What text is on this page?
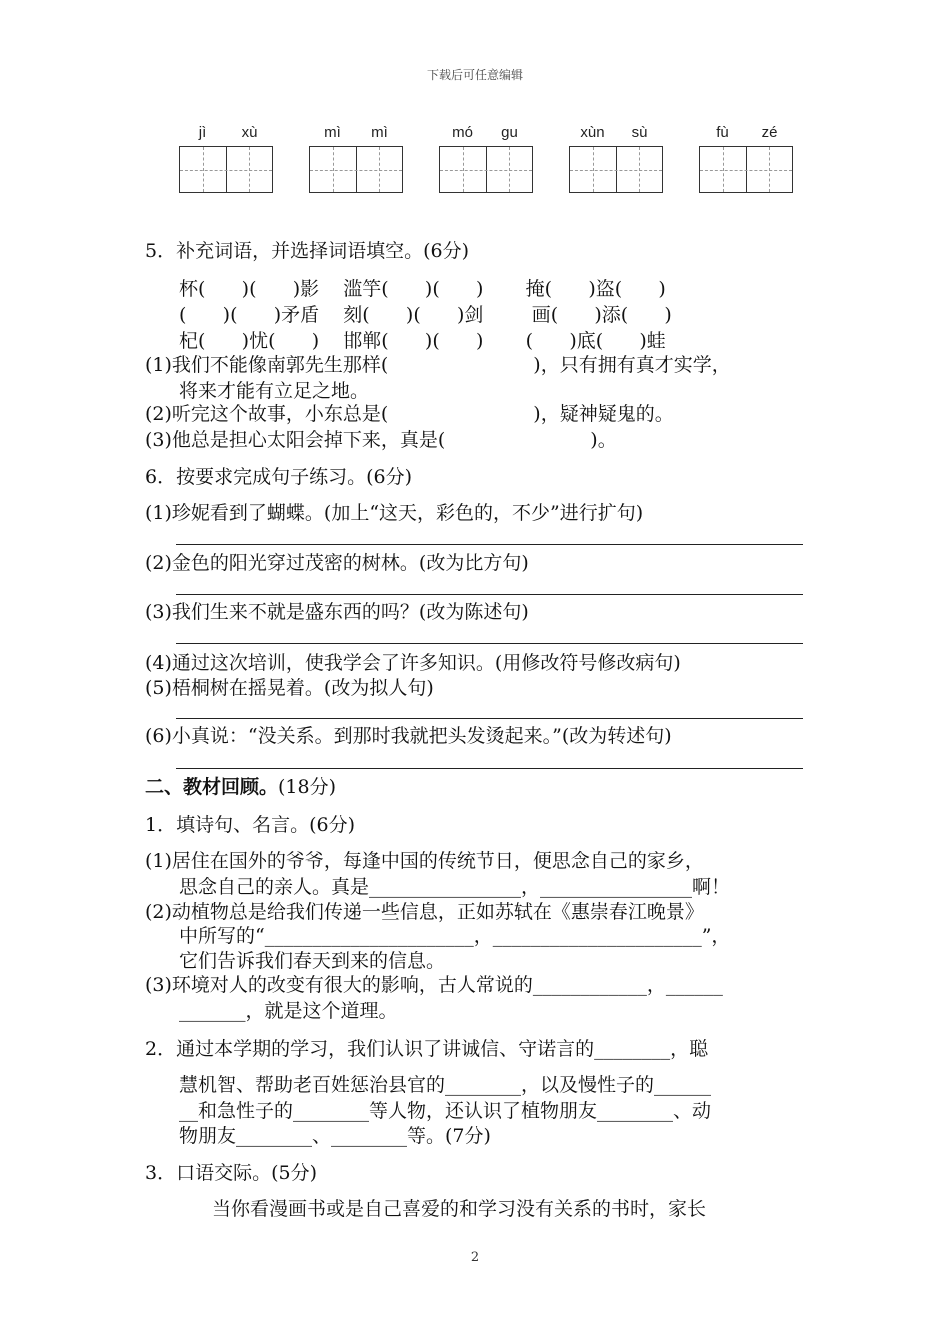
下载后可任意编辑
jì	xù	mì	mì	mó	gu	xùn	sù	fù	zé
5．补充词语，并选择词语填空。(6分)
杯(      )(      )影    滥竽(      )(      )       掩(      )盗(      )
(      )(      )矛盾    刻(      )(      )剑        画(      )添(      )
杞(      )忧(      )    邯郸(      )(      )       (      )底(      )蛙
(1)我们不能像南郭先生那样(                        )，只有拥有真才实学，
将来才能有立足之地。
(2)听完这个故事，小东总是(                        )，疑神疑鬼的。
(3)他总是担心太阳会掉下来，真是(                        )。
6．按要求完成句子练习。(6分)
(1)珍妮看到了蝴蝶。(加上“这天，彩色的，不少”进行扩句)
(2)金色的阳光穿过茂密的树林。(改为比方句)
(3)我们生来不就是盛东西的吗？(改为陈述句)
(4)通过这次培训，使我学会了许多知识。(用修改符号修改病句)
(5)梧桐树在摇晃着。(改为拟人句)
(6)小真说：“没关系。到那时我就把头发烫起来。”(改为转述句)
二、教材回顾。(18分)
1．填诗句、名言。(6分)
(1)居住在国外的爷爷，每逢中国的传统节日，便思念自己的家乡，
思念自己的亲人。真是________________，________________啊！
(2)动植物总是给我们传递一些信息，正如苏轼在《惠崇春江晚景》
中所写的“______________________，______________________”，
它们告诉我们春天到来的信息。
(3)环境对人的改变有很大的影响，古人常说的____________，______
_______，就是这个道理。
2．通过本学期的学习，我们认识了讲诚信、守诺言的________，聪
慧机智、帮助老百姓惩治县官的________，以及慢性子的______
__和急性子的________等人物，还认识了植物朋友________、动
物朋友________、________等。(7分)
3．口语交际。(5分)
当你看漫画书或是自己喜爱的和学习没有关系的书时，家长
2
